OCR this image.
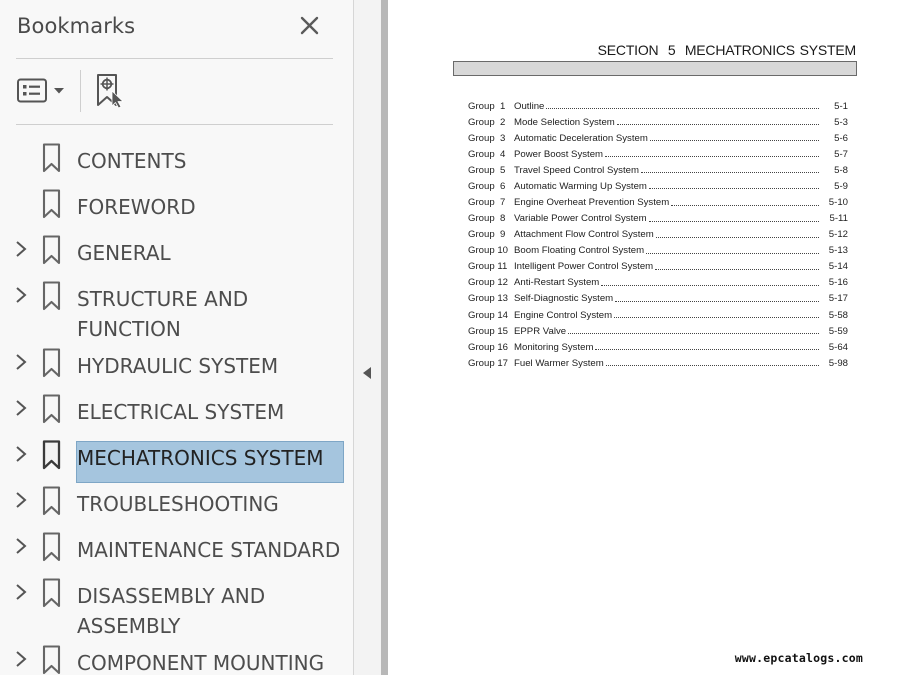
Bookmarks
CONTENTS
FOREWORD
GENERAL
STRUCTURE AND
FUNCTION
HYDRAULIC SYSTEM
ELECTRICAL SYSTEM
MECHATRONICS SYSTEM
TROUBLESHOOTING
MAINTENANCE STANDARD
DISASSEMBLY AND
ASSEMBLY
COMPONENT MOUNTING
SECTION  5  MECHATRONICS SYSTEM
Group  1 Outline	5-1
Group  2 Mode Selection System	5-3
Group  3 Automatic Deceleration System	5-6
Group  4 Power Boost System	5-7
Group  5 Travel Speed Control System	5-8
Group  6 Automatic Warming Up System	5-9
Group  7 Engine Overheat Prevention System	5-10
Group  8 Variable Power Control System	5-11
Group  9 Attachment Flow Control System	5-12
Group 10 Boom Floating Control System	5-13
Group 11 Intelligent Power Control System	5-14
Group 12 Anti-Restart System	5-16
Group 13 Self-Diagnostic System	5-17
Group 14 Engine Control System	5-58
Group 15 EPPR Valve	5-59
Group 16 Monitoring System	5-64
Group 17 Fuel Warmer System	5-98
www.epcatalogs.com
